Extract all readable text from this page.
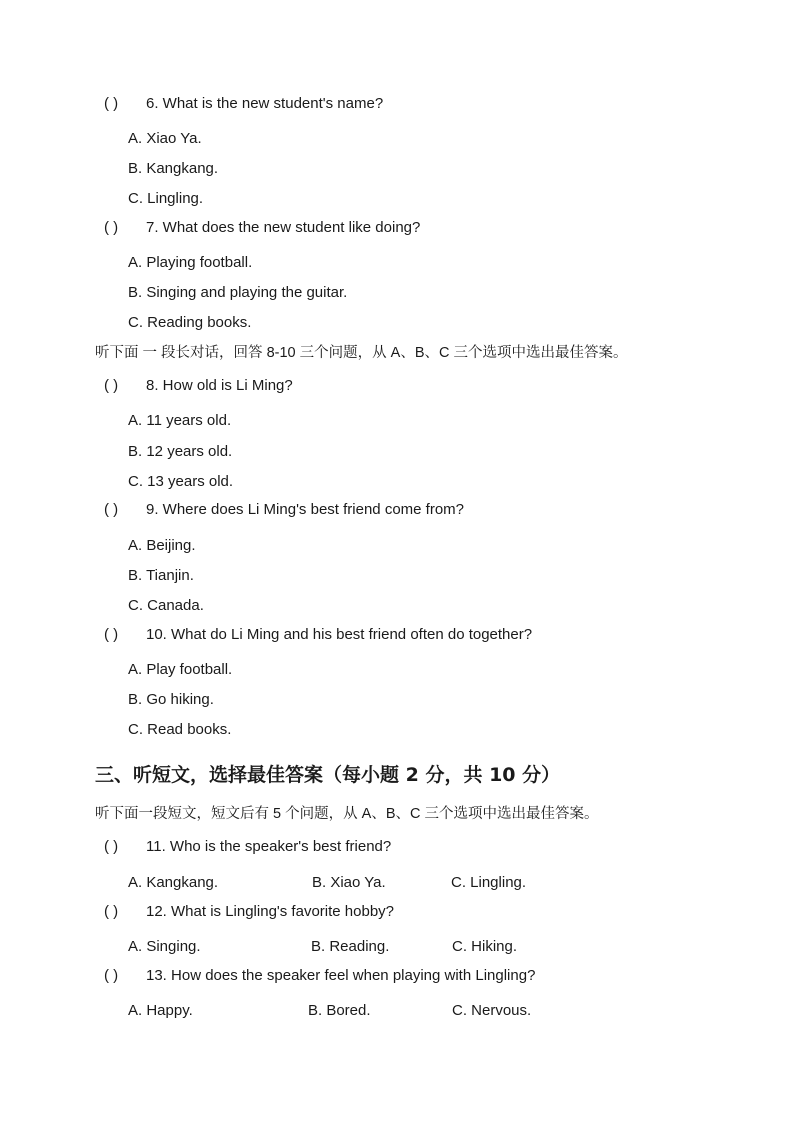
( ) 6. What is the new student's name?
A. Xiao Ya.
B. Kangkang.
C. Lingling.
( ) 7. What does the new student like doing?
A. Playing football.
B. Singing and playing the guitar.
C. Reading books.
听下面 一 段长对话，回答 8-10 三个问题，从 A、B、C 三个选项中选出最佳答案。
( ) 8. How old is Li Ming?
A. 11 years old.
B. 12 years old.
C. 13 years old.
( ) 9. Where does Li Ming's best friend come from?
A. Beijing.
B. Tianjin.
C. Canada.
( ) 10. What do Li Ming and his best friend often do together?
A. Play football.
B. Go hiking.
C. Read books.
三、听短文，选择最佳答案（每小题 2 分，共 10 分）
听下面一段短文，短文后有 5 个问题，从 A、B、C 三个选项中选出最佳答案。
( ) 11. Who is the speaker's best friend?
A. Kangkang.	B. Xiao Ya.	C. Lingling.
( ) 12. What is Lingling's favorite hobby?
A. Singing.	B. Reading.	C. Hiking.
( ) 13. How does the speaker feel when playing with Lingling?
A. Happy.	B. Bored.	C. Nervous.
